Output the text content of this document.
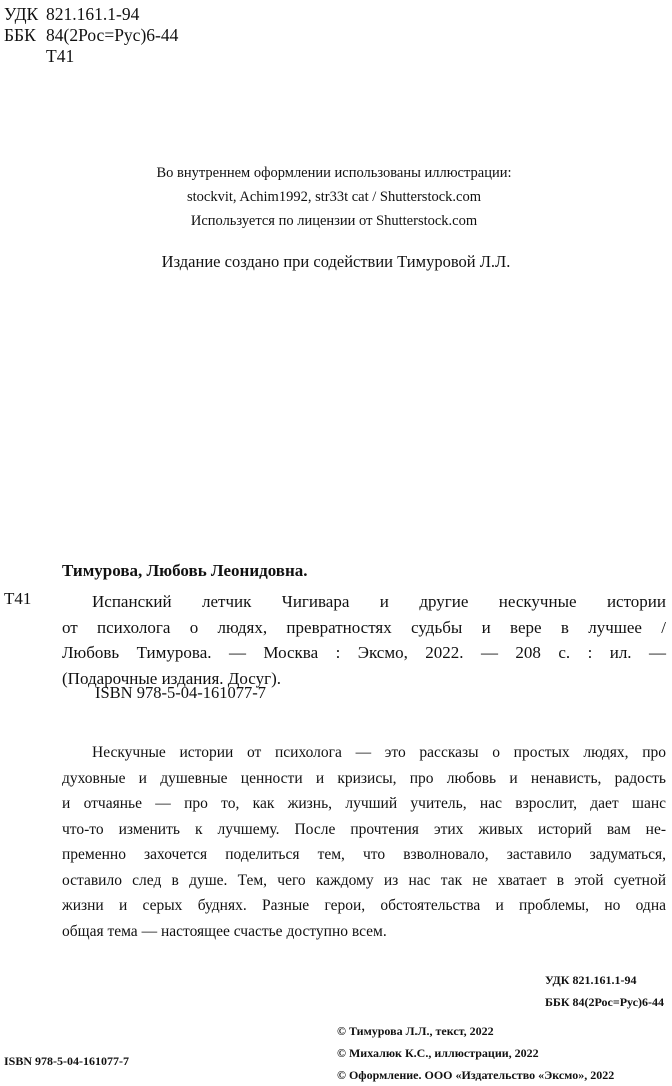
УДК 821.161.1-94
ББК 84(2Рос=Рус)6-44
Т41
Во внутреннем оформлении использованы иллюстрации:
stockvit, Achim1992, str33t cat / Shutterstock.com
Используется по лицензии от Shutterstock.com
Издание создано при содействии Тимуровой Л.Л.
Тимурова, Любовь Леонидовна.
Т41	Испанский летчик Чигивара и другие нескучные истории
от психолога о людях, превратностях судьбы и вере в лучшее /
Любовь Тимурова. — Москва : Эксмо, 2022. — 208 с. : ил. —
(Подарочные издания. Досуг).
ISBN 978-5-04-161077-7
Нескучные истории от психолога — это рассказы о простых людях, про
духовные и душевные ценности и кризисы, про любовь и ненависть, радость
и отчаянье — про то, как жизнь, лучший учитель, нас взрослит, дает шанс
что-то изменить к лучшему. После прочтения этих живых историй вам не-
пременно захочется поделиться тем, что взволновало, заставило задуматься,
оставило след в душе. Тем, чего каждому из нас так не хватает в этой суетной
жизни и серых буднях. Разные герои, обстоятельства и проблемы, но одна
общая тема — настоящее счастье доступно всем.
УДК 821.161.1-94
ББК 84(2Рос=Рус)6-44
© Тимурова Л.Л., текст, 2022
© Михалюк К.С., иллюстрации, 2022
© Оформление. ООО «Издательство «Эксмо», 2022
ISBN 978-5-04-161077-7
